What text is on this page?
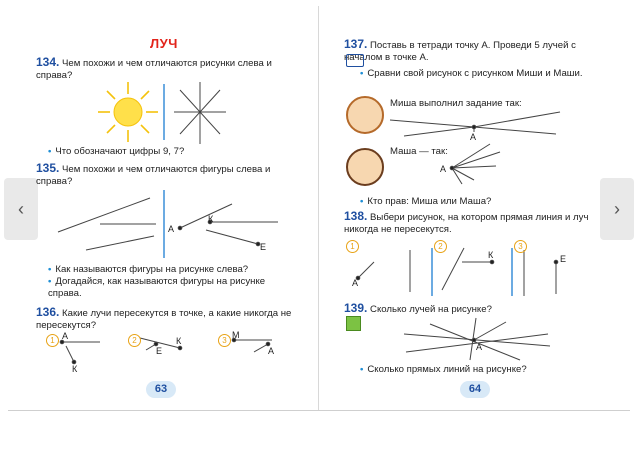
‹	›
ЛУЧ
134. Чем похожи и чем отличаются рисунки слева и справа?
• Что обозначают цифры 9, 7?
135. Чем похожи и чем отличаются фигуры слева и справа?
А
К
Е
• Как называются фигуры на рисунке слева?
• Догадайся, как называются фигуры на рисунке справа.
136. Какие лучи пересекутся в точке, а какие никогда не пересекутся?
1	2	3
А
К
К
Е
М
А
63
137. Поставь в тетради точку А. Проведи 5 лучей с началом в точке А.
• Сравни свой рисунок с рисунком Миши и Маши.
Миша выполнил задание так:
А
Маша — так:
А
• Кто прав: Миша или Маша?
138. Выбери рисунок, на котором прямая линия и луч никогда не пересекутся.
1	2	3
А
К	Е
139. Сколько лучей на рисунке?
А
• Сколько прямых линий на рисунке?
64
